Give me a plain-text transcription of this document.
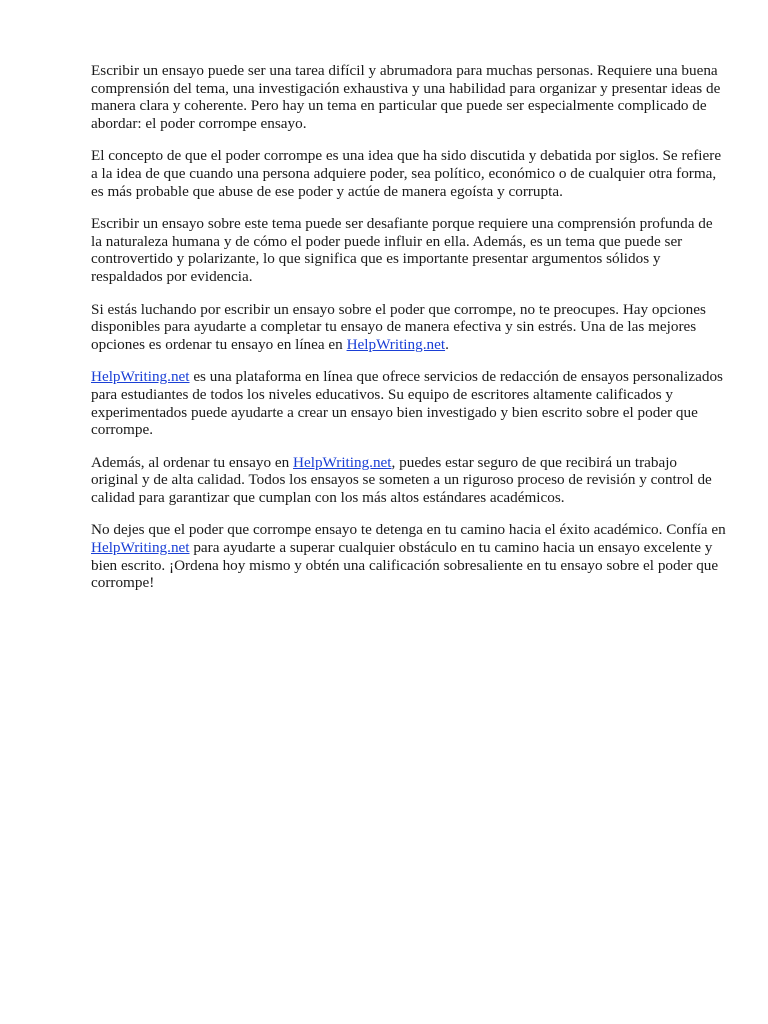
Escribir un ensayo puede ser una tarea difícil y abrumadora para muchas personas. Requiere una buena comprensión del tema, una investigación exhaustiva y una habilidad para organizar y presentar ideas de manera clara y coherente. Pero hay un tema en particular que puede ser especialmente complicado de abordar: el poder corrompe ensayo.

El concepto de que el poder corrompe es una idea que ha sido discutida y debatida por siglos. Se refiere a la idea de que cuando una persona adquiere poder, sea político, económico o de cualquier otra forma, es más probable que abuse de ese poder y actúe de manera egoísta y corrupta.

Escribir un ensayo sobre este tema puede ser desafiante porque requiere una comprensión profunda de la naturaleza humana y de cómo el poder puede influir en ella. Además, es un tema que puede ser controvertido y polarizante, lo que significa que es importante presentar argumentos sólidos y respaldados por evidencia.

Si estás luchando por escribir un ensayo sobre el poder que corrompe, no te preocupes. Hay opciones disponibles para ayudarte a completar tu ensayo de manera efectiva y sin estrés. Una de las mejores opciones es ordenar tu ensayo en línea en HelpWriting.net.

HelpWriting.net es una plataforma en línea que ofrece servicios de redacción de ensayos personalizados para estudiantes de todos los niveles educativos. Su equipo de escritores altamente calificados y experimentados puede ayudarte a crear un ensayo bien investigado y bien escrito sobre el poder que corrompe.

Además, al ordenar tu ensayo en HelpWriting.net, puedes estar seguro de que recibirá un trabajo original y de alta calidad. Todos los ensayos se someten a un riguroso proceso de revisión y control de calidad para garantizar que cumplan con los más altos estándares académicos.

No dejes que el poder que corrompe ensayo te detenga en tu camino hacia el éxito académico. Confía en HelpWriting.net para ayudarte a superar cualquier obstáculo en tu camino hacia un ensayo excelente y bien escrito. ¡Ordena hoy mismo y obtén una calificación sobresaliente en tu ensayo sobre el poder que corrompe!
